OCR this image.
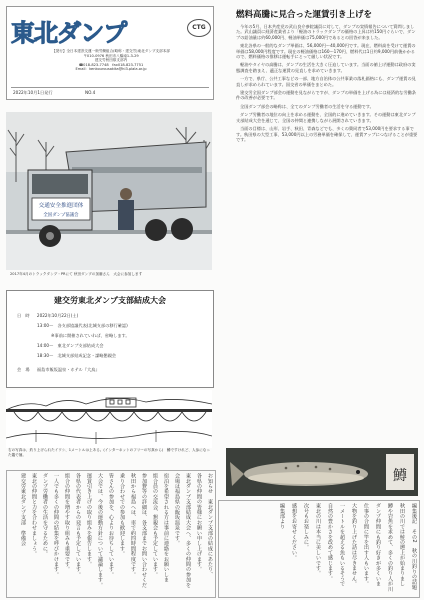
東北ダンプ	CTG
【発行】全日本建設交運一般労働組合(略称・建交労)東北ダンプ支部本部
〒010-0976 秋田市八橋南1-3-29
建交労秋田県支部内
☎018-823-7748　fax018-823-7751
Email：kenkourousakita@hi3.plala.or.jp
2022年10月1日発行	NO.4
交通安全推進団体
全国ダンプ協議会
2017年4月のトラックダンプ・PRにて 秋田ダンプの加藤さん　大会に参加します
建交労東北ダンプ支部結成大会
日　時 2022年10月22日(土)
13:00～　各支部協議代表(北城支部の移行確認)
※事前に開催されていれば、省略します。
14:00～　東北ダンプ支部結成大会
18:30～　北城支部結成記念・謀略懇親会
会　場 福島市飯坂温泉・ホテル『大鳥』
右の写真は、釣り上げられたイワシ、1メートルは上ある。(インターネットのフリーの写真から)　鱒ですけれど、人参になった鑑で捕。
燃料高騰に見合った運賃引き上げを

今年の5月、日本共産党の武山良介参院議員に対して、ダンプの実情報告について質問しました。武山議員に経済産業省より「軽油のトラックダンプの価格の上昇は約150円ぐらいで、ダンプの給油量は約60,000円、軽油単価は75,000円であるとの回答が来ました。

東北各県の一般的なダンプ単価は、56,000円〜40,000円です。現在、燃料高を受けて運賃の単価は58,000円程度です。現在の軽油価格は160〜170円、燃料代は1日約9,000円前後かかるので、燃料価格の推移は運転手にとって厳しい状況です。

軽油やタイヤの高騰は、ダンプの生活を大きく圧迫しています。当面の値上げ運動は政府の実態調査を踏まえ、適正な運賃の見直しを求めていきます。

一方で、県庁、公共工事などの一部、地方自治体の公共事業の落札価格にも、ダンプ運賃の見直しが求められています。国交省の単価をまとめた。

建交労全国ダンプ部会の運動を見ながらですが、ダンプの単価を上げる為には経済的な労働条件の改善が必要です。

全国ダンプ部会の略称は、全てのダンプ労働者の生活を守る運動です。

ダンプ労働者の地位の向上を求める運動を、全国的に進めていきます。その運動は東北ダンプ支部結成大会を通じて、全国の仲間と連携しながら展開されていきます。

当面の目標は、山形、岩手、秋田、青森などでも、多くの賛同者で53,000円を要求する事です。秋田県の大型工事、53,000円以上の労務単価を確保して、運賃アップにつなげることが重要です。

鱒
お知らせ　東北ダンプ支部の結成にあたり、
各県の仲間の皆様にお願い申し上げます。
東北ダンプ支部結成大会へ、多くの仲間の参加を
会場は福島県の飯坂温泉です。
宿泊を希望される方は事前に連絡をお願いしま
組合員の交流会、懇親会も予定しています。
参加費等の詳細は、各支部までお問い合わせくだ
秋田から福島へは、車で約四時間程度です。
乗り合わせでの参加も歓迎します。
皆さんの参加を、心よりお待ちしています。
大会では、今後の運動方針について議論します。
運賃引き上げの取り組みを報告します。
各県の代表者からの発言も予定しています。
組合の仲間を増やす取り組みも重要です。
一人でも多くの仲間の結集を呼びかけます。
ダンプ労働者の生活を守るために。
東北の仲間と力を合わせましょう。
建交労東北ダンプ支部　準備会	編集後記　その2　秋の川釣りの話題
秋田の川では鮭の遡上が始まりまし
鱒や岩魚を求めて、多くの釣り人が川
ダンプ仲間にも釣り好きが多くいま
仕事の合間に竿を出す人もいます。
大物を釣り上げた話は尽きません。
一メートルを超える魚もいるそうで
自然の豊かさを改めて感じます。
東北の川は本当に美しいです。
次号もお楽しみに。
感想をお寄せください。
編集部より
